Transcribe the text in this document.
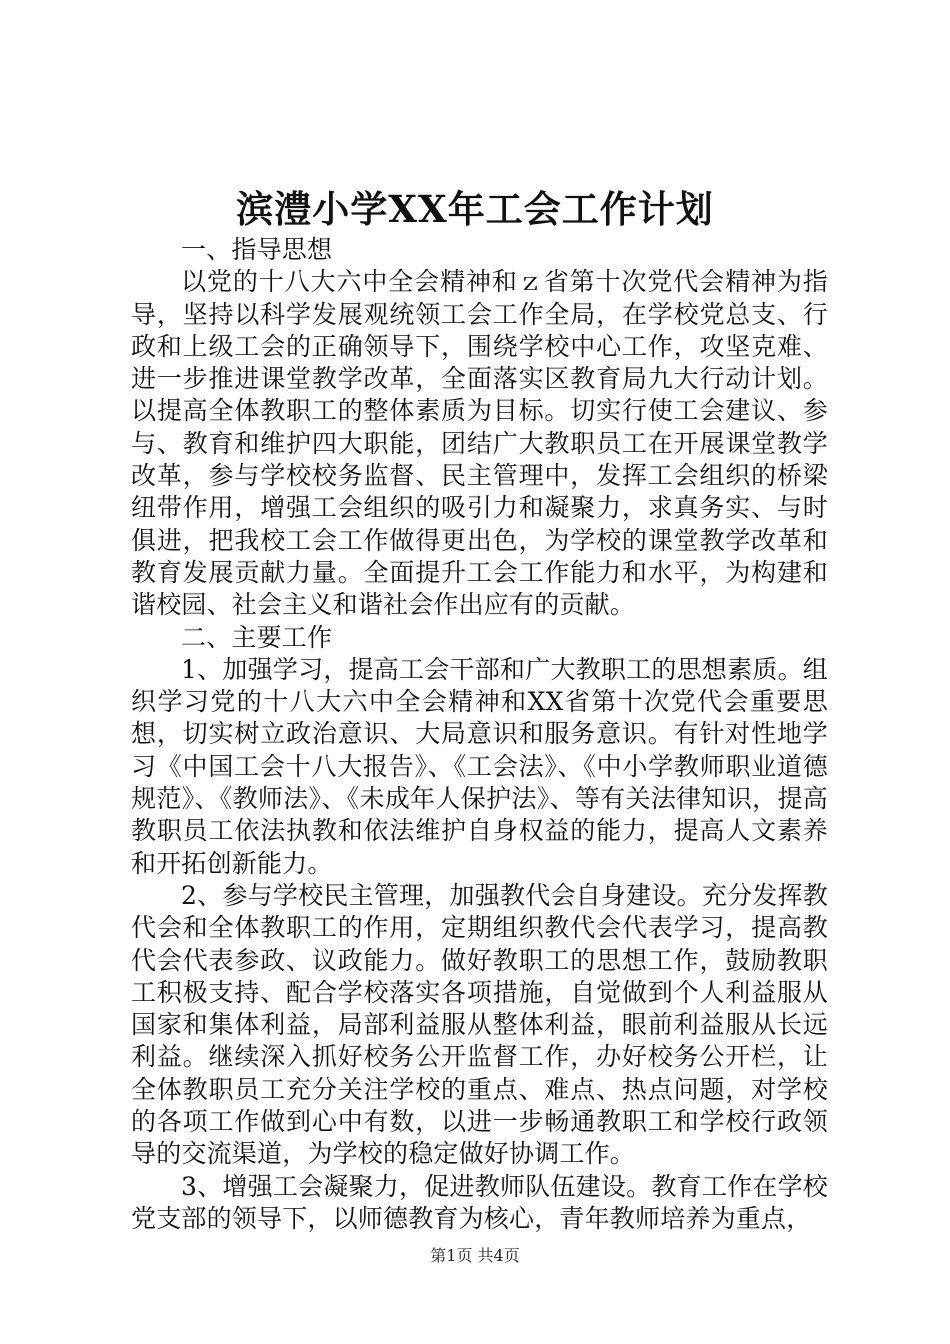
滨澧小学XX年工会工作计划
一、指导思想

以党的十八大六中全会精神和ｚ省第十次党代会精神为指导，坚持以科学发展观统领工会工作全局，在学校党总支、行政和上级工会的正确领导下，围绕学校中心工作，攻坚克难、进一步推进课堂教学改革，全面落实区教育局九大行动计划。以提高全体教职工的整体素质为目标。切实行使工会建议、参与、教育和维护四大职能，团结广大教职员工在开展课堂教学改革，参与学校校务监督、民主管理中，发挥工会组织的桥梁纽带作用，增强工会组织的吸引力和凝聚力，求真务实、与时俱进，把我校工会工作做得更出色，为学校的课堂教学改革和教育发展贡献力量。全面提升工会工作能力和水平，为构建和谐校园、社会主义和谐社会作出应有的贡献。

二、主要工作

1、加强学习，提高工会干部和广大教职工的思想素质。组织学习党的十八大六中全会精神和XX省第十次党代会重要思想，切实树立政治意识、大局意识和服务意识。有针对性地学习《中国工会十八大报告》、《工会法》、《中小学教师职业道德规范》、《教师法》、《未成年人保护法》、等有关法律知识，提高教职员工依法执教和依法维护自身权益的能力，提高人文素养和开拓创新能力。

2、参与学校民主管理，加强教代会自身建设。充分发挥教代会和全体教职工的作用，定期组织教代会代表学习，提高教代会代表参政、议政能力。做好教职工的思想工作，鼓励教职工积极支持、配合学校落实各项措施，自觉做到个人利益服从国家和集体利益，局部利益服从整体利益，眼前利益服从长远利益。继续深入抓好校务公开监督工作，办好校务公开栏，让全体教职员工充分关注学校的重点、难点、热点问题，对学校的各项工作做到心中有数，以进一步畅通教职工和学校行政领导的交流渠道，为学校的稳定做好协调工作。

3、增强工会凝聚力，促进教师队伍建设。教育工作在学校党支部的领导下，以师德教育为核心，青年教师培养为重点，

第1页 共4页
